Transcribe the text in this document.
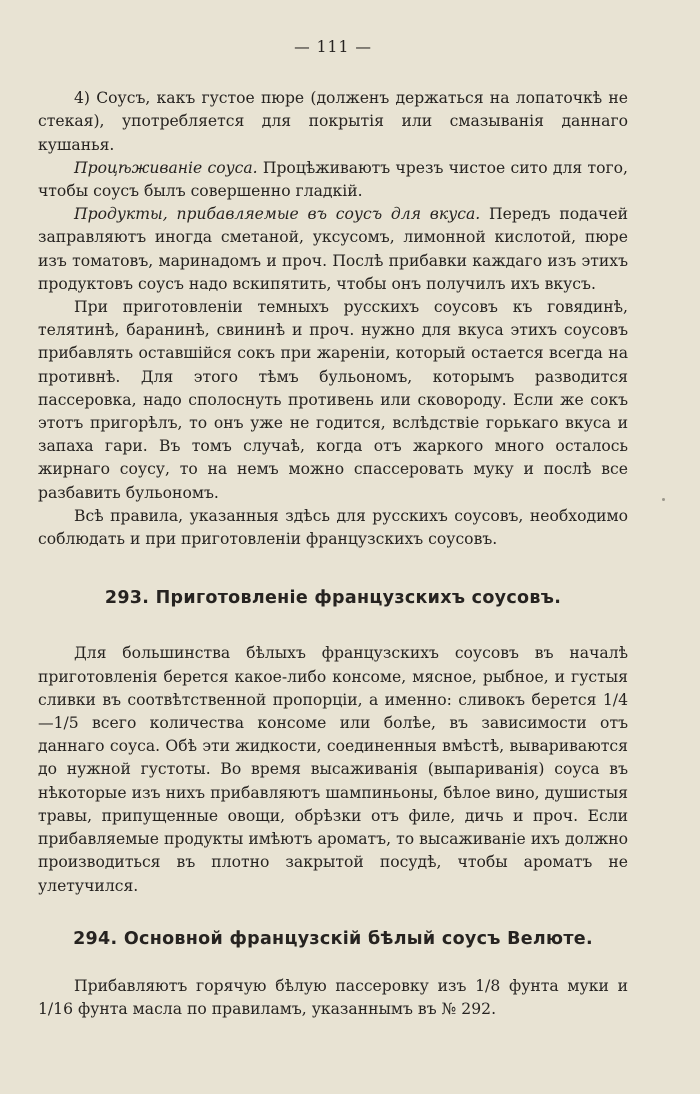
— 111 —

4) Соусъ, какъ густое пюре (долженъ держаться на лопаточкѣ не стекая), употребляется для покрытія или смазыванія даннаго кушанья.

Процѣживаніе соуса. Процѣживаютъ чрезъ чистое сито для того, чтобы соусъ былъ совершенно гладкій.

Продукты, прибавляемые въ соусъ для вкуса. Передъ подачей заправляютъ иногда сметаной, уксусомъ, лимонной кислотой, пюре изъ томатовъ, маринадомъ и проч. Послѣ прибавки каждаго изъ этихъ продуктовъ соусъ надо вскипятить, чтобы онъ получилъ ихъ вкусъ.

При приготовленіи темныхъ русскихъ соусовъ къ говядинѣ, телятинѣ, баранинѣ, свининѣ и проч. нужно для вкуса этихъ соусовъ прибавлять оставшійся сокъ при жареніи, который остается всегда на противнѣ. Для этого тѣмъ бульономъ, которымъ разводится пассеровка, надо сполоснуть противень или сковороду. Если же сокъ этотъ пригорѣлъ, то онъ уже не годится, вслѣдствіе горькаго вкуса и запаха гари. Въ томъ случаѣ, когда отъ жаркого много осталось жирнаго соусу, то на немъ можно спассеровать муку и послѣ все разбавить бульономъ.

Всѣ правила, указанныя здѣсь для русскихъ соусовъ, необходимо соблюдать и при приготовленіи французскихъ соусовъ.

293. Приготовленіе французскихъ соусовъ.

Для большинства бѣлыхъ французскихъ соусовъ въ началѣ приготовленія берется какое-либо консоме, мясное, рыбное, и густыя сливки въ соотвѣтственной пропорціи, а именно: сливокъ берется 1/4—1/5 всего количества консоме или болѣе, въ зависимости отъ даннаго соуса. Обѣ эти жидкости, соединенныя вмѣстѣ, вывариваются до нужной густоты. Во время высаживанія (выпариванія) соуса въ нѣкоторые изъ нихъ прибавляютъ шампиньоны, бѣлое вино, душистыя травы, припущенные овощи, обрѣзки отъ филе, дичь и проч. Если прибавляемые продукты имѣютъ ароматъ, то высаживаніе ихъ должно производиться въ плотно закрытой посудѣ, чтобы ароматъ не улетучился.

294. Основной французскій бѣлый соусъ Велюте.

Прибавляютъ горячую бѣлую пассеровку изъ 1/8 фунта муки и 1/16 фунта масла по правиламъ, указаннымъ въ № 292.
